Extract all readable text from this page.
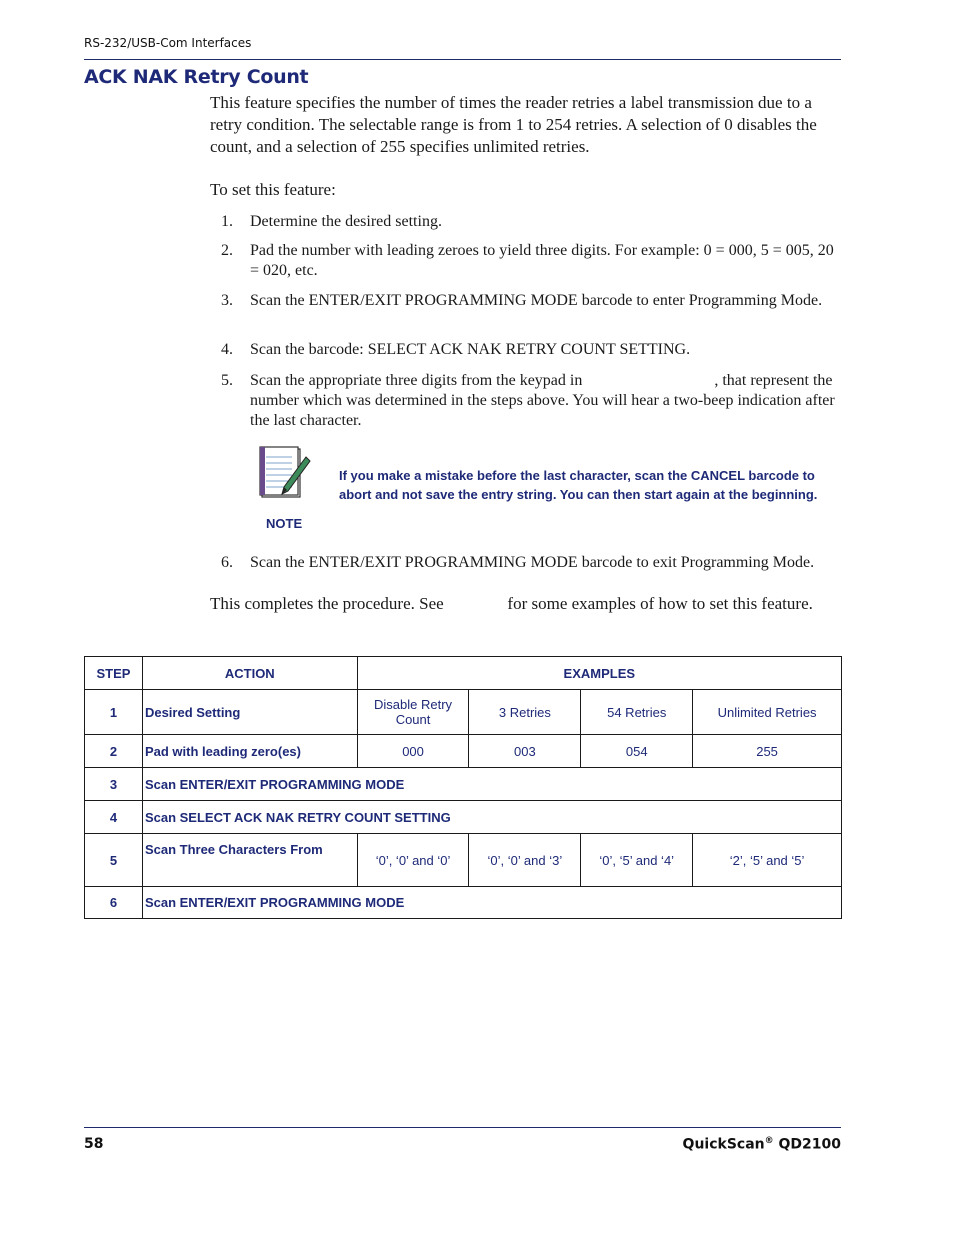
RS-232/USB-Com Interfaces
ACK NAK Retry Count
This feature specifies the number of times the reader retries a label transmission due to a retry condition. The selectable range is from 1 to 254 retries. A selection of 0 disables the count, and a selection of 255 specifies unlimited retries.
To set this feature:
1. Determine the desired setting.
2. Pad the number with leading zeroes to yield three digits. For example: 0 = 000, 5 = 005, 20 = 020, etc.
3. Scan the ENTER/EXIT PROGRAMMING MODE barcode to enter Programming Mode.
4. Scan the barcode: SELECT ACK NAK RETRY COUNT SETTING.
5. Scan the appropriate three digits from the keypad in                                 , that represent the number which was determined in the steps above. You will hear a two-beep indication after the last character.
If you make a mistake before the last character, scan the CANCEL barcode to abort and not save the entry string. You can then start again at the beginning.
NOTE
6. Scan the ENTER/EXIT PROGRAMMING MODE barcode to exit Programming Mode.
This completes the procedure. See               for some examples of how to set this feature.
STEP	ACTION	EXAMPLES			
1	Desired Setting	Disable Retry Count	3 Retries	54 Retries	Unlimited Retries
2	Pad with leading zero(es)	000	003	054	255
3	Scan ENTER/EXIT PROGRAMMING MODE				
4	Scan SELECT ACK NAK RETRY COUNT SETTING				
5	Scan Three Characters From	‘0’, ‘0’ and ‘0’	‘0’, ‘0’ and ‘3’	‘0’, ‘5’ and ‘4’	‘2’, ‘5’ and ‘5’
6	Scan ENTER/EXIT PROGRAMMING MODE				
58	QuickScan® QD2100
